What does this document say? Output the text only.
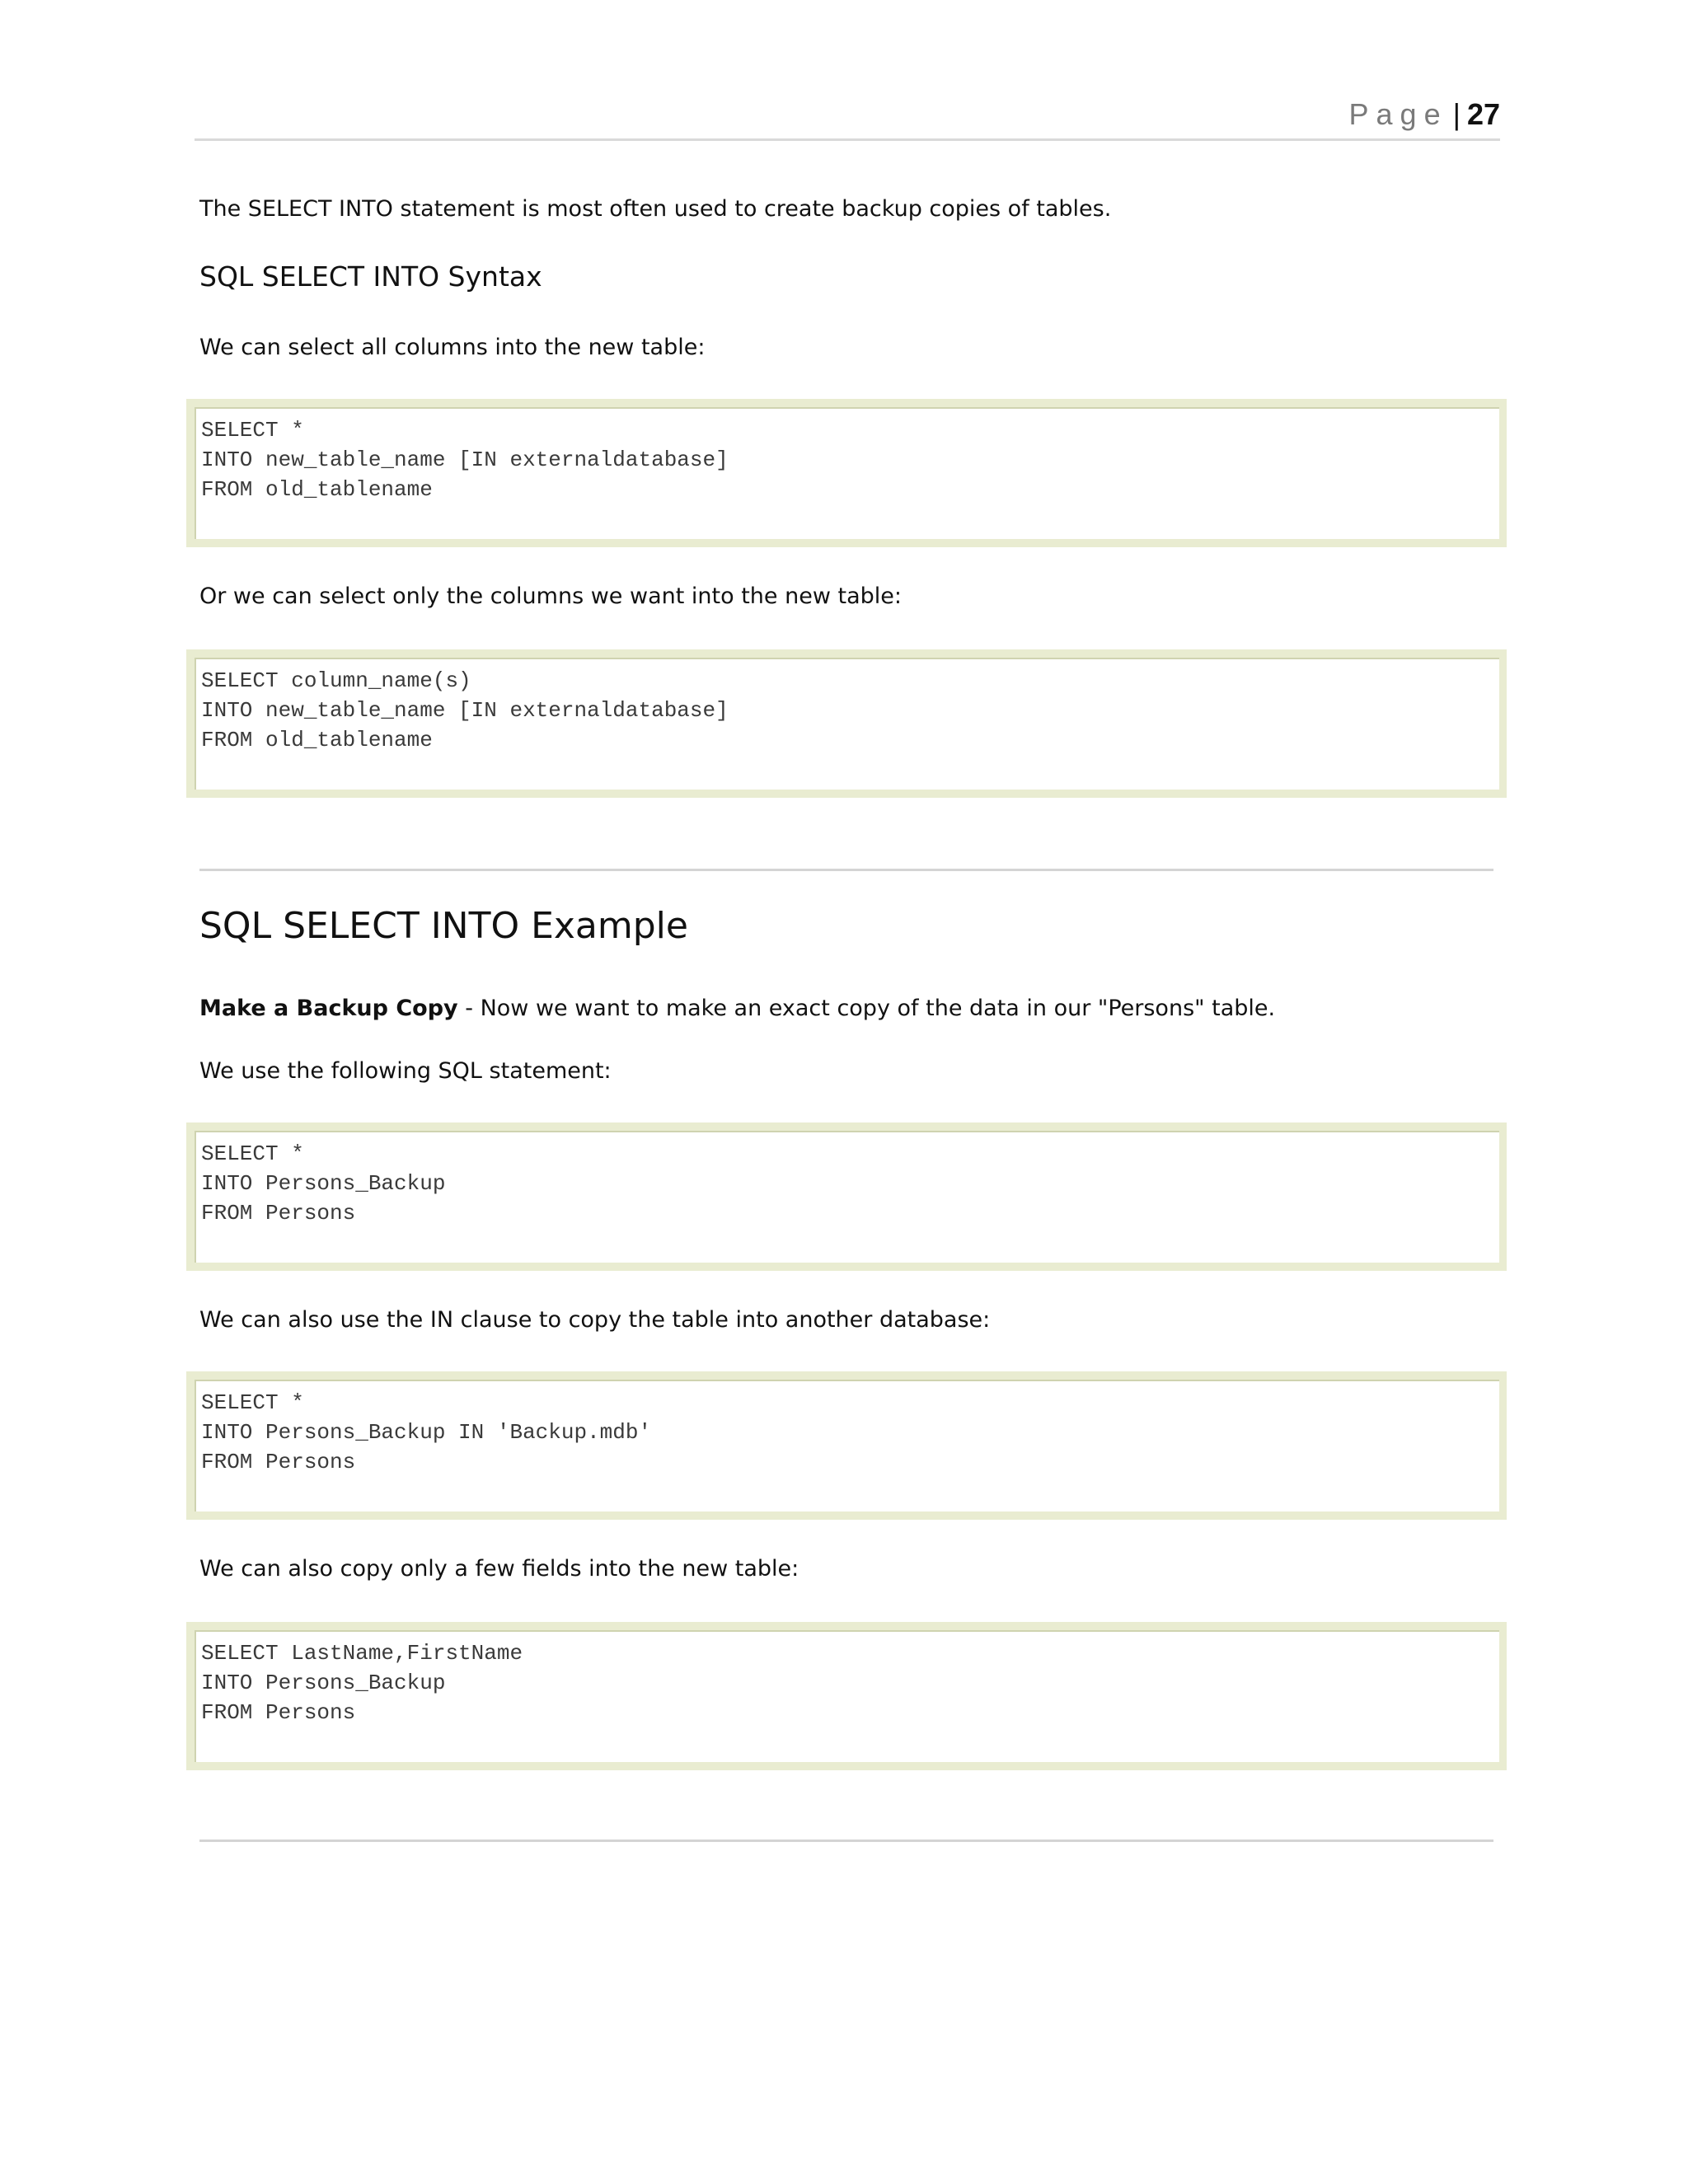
Page | 27
The SELECT INTO statement is most often used to create backup copies of tables.
SQL SELECT INTO Syntax
We can select all columns into the new table:
Or we can select only the columns we want into the new table:
SQL SELECT INTO Example
Make a Backup Copy - Now we want to make an exact copy of the data in our "Persons" table.
We use the following SQL statement:
We can also use the IN clause to copy the table into another database:
We can also copy only a few fields into the new table:
SELECT *
INTO new_table_name [IN externaldatabase]
FROM old_tablename
SELECT column_name(s)
INTO new_table_name [IN externaldatabase]
FROM old_tablename
SELECT *
INTO Persons_Backup
FROM Persons
SELECT *
INTO Persons_Backup IN 'Backup.mdb'
FROM Persons
SELECT LastName,FirstName
INTO Persons_Backup
FROM Persons
